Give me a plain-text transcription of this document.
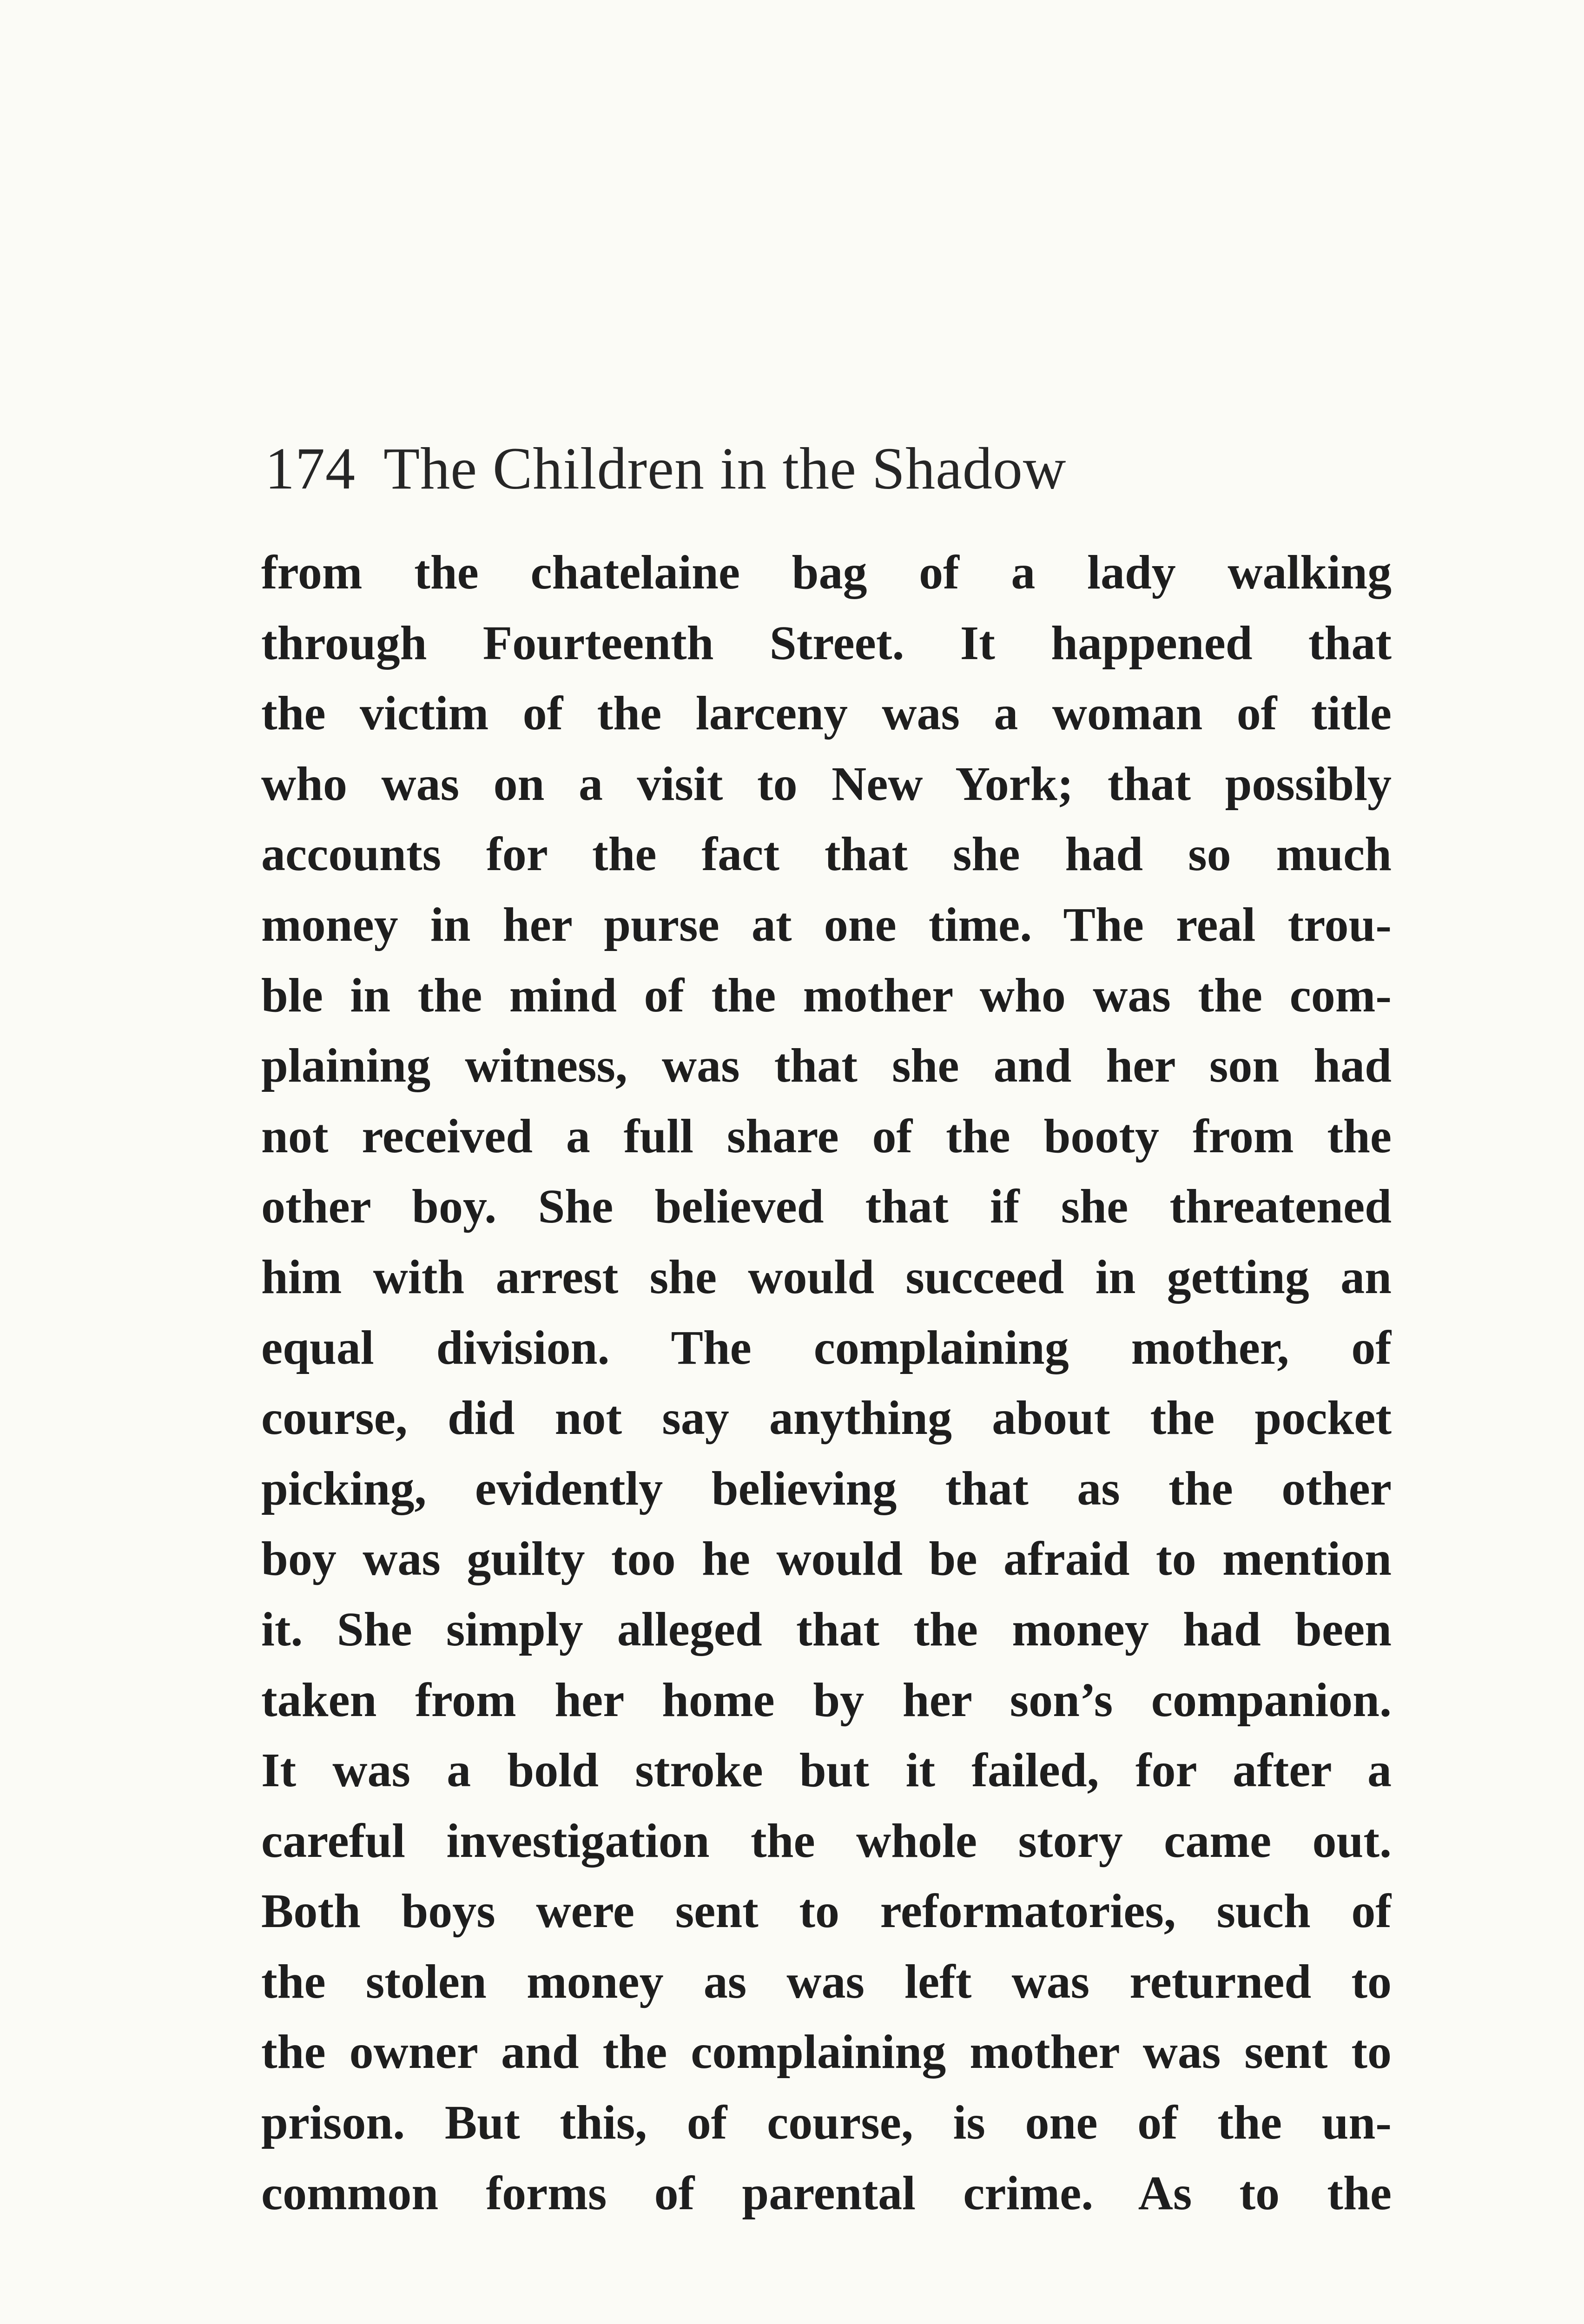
174 The Children in the Shadow
from the chatelaine bag of a lady walking
through Fourteenth Street. It happened that
the victim of the larceny was a woman of title
who was on a visit to New York; that possibly
accounts for the fact that she had so much
money in her purse at one time. The real trou-
ble in the mind of the mother who was the com-
plaining witness, was that she and her son had
not received a full share of the booty from the
other boy. She believed that if she threatened
him with arrest she would succeed in getting an
equal division. The complaining mother, of
course, did not say anything about the pocket
picking, evidently believing that as the other
boy was guilty too he would be afraid to mention
it. She simply alleged that the money had been
taken from her home by her son’s companion.
It was a bold stroke but it failed, for after a
careful investigation the whole story came out.
Both boys were sent to reformatories, such of
the stolen money as was left was returned to
the owner and the complaining mother was sent to
prison. But this, of course, is one of the un-
common forms of parental crime. As to the
